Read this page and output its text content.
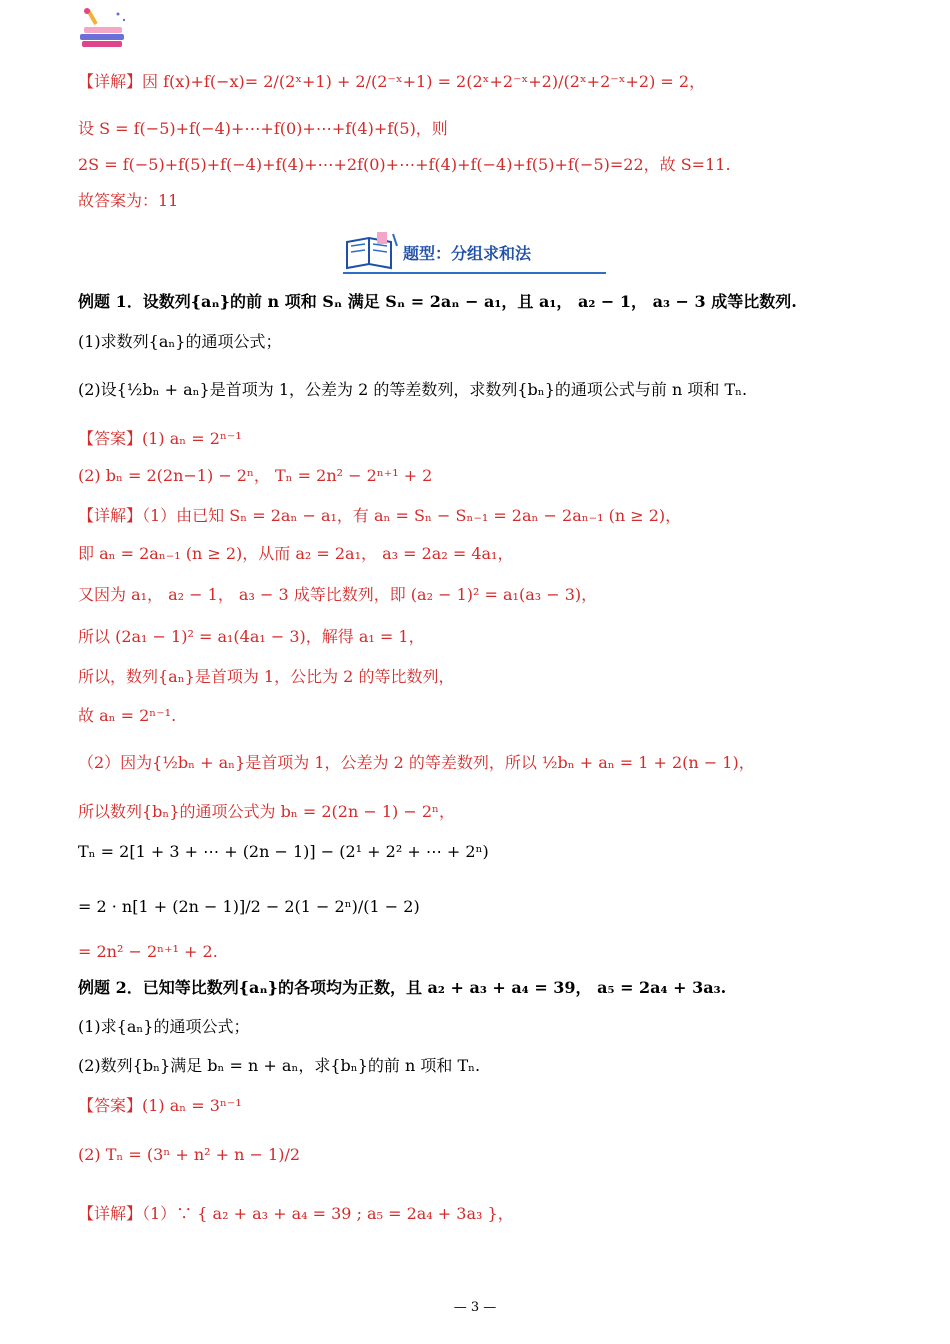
【详解】因 f(x)+f(−x)= 2/(2ˣ+1) + 2/(2⁻ˣ+1) = 2(2ˣ+2⁻ˣ+2)/(2ˣ+2⁻ˣ+2) = 2，
设 S = f(−5)+f(−4)+⋯+f(0)+⋯+f(4)+f(5)，则
2S = f(−5)+f(5)+f(−4)+f(4)+⋯+2f(0)+⋯+f(4)+f(−4)+f(5)+f(−5)=22，故 S=11.
故答案为：11
题型：分组求和法
例题 1．设数列{aₙ}的前 n 项和 Sₙ 满足 Sₙ = 2aₙ − a₁，且 a₁， a₂ − 1， a₃ − 3 成等比数列.
(1)求数列{aₙ}的通项公式；
(2)设{½bₙ + aₙ}是首项为 1，公差为 2 的等差数列，求数列{bₙ}的通项公式与前 n 项和 Tₙ.
【答案】(1) aₙ = 2ⁿ⁻¹
(2) bₙ = 2(2n−1) − 2ⁿ， Tₙ = 2n² − 2ⁿ⁺¹ + 2
【详解】（1）由已知 Sₙ = 2aₙ − a₁，有 aₙ = Sₙ − Sₙ₋₁ = 2aₙ − 2aₙ₋₁ (n ≥ 2)，
即 aₙ = 2aₙ₋₁ (n ≥ 2)，从而 a₂ = 2a₁， a₃ = 2a₂ = 4a₁，
又因为 a₁， a₂ − 1， a₃ − 3 成等比数列，即 (a₂ − 1)² = a₁(a₃ − 3)，
所以 (2a₁ − 1)² = a₁(4a₁ − 3)，解得 a₁ = 1，
所以，数列{aₙ}是首项为 1，公比为 2 的等比数列，
故 aₙ = 2ⁿ⁻¹.
（2）因为{½bₙ + aₙ}是首项为 1，公差为 2 的等差数列，所以 ½bₙ + aₙ = 1 + 2(n − 1)，
所以数列{bₙ}的通项公式为 bₙ = 2(2n − 1) − 2ⁿ，
Tₙ = 2[1 + 3 + ⋯ + (2n − 1)] − (2¹ + 2² + ⋯ + 2ⁿ)
= 2 · n[1 + (2n − 1)]/2 − 2(1 − 2ⁿ)/(1 − 2)
= 2n² − 2ⁿ⁺¹ + 2.
例题 2．已知等比数列{aₙ}的各项均为正数，且 a₂ + a₃ + a₄ = 39， a₅ = 2a₄ + 3a₃.
(1)求{aₙ}的通项公式；
(2)数列{bₙ}满足 bₙ = n + aₙ，求{bₙ}的前 n 项和 Tₙ.
【答案】(1) aₙ = 3ⁿ⁻¹
(2) Tₙ = (3ⁿ + n² + n − 1)/2
【详解】（1）∵ { a₂ + a₃ + a₄ = 39 ; a₅ = 2a₄ + 3a₃ }，
— 3 —
